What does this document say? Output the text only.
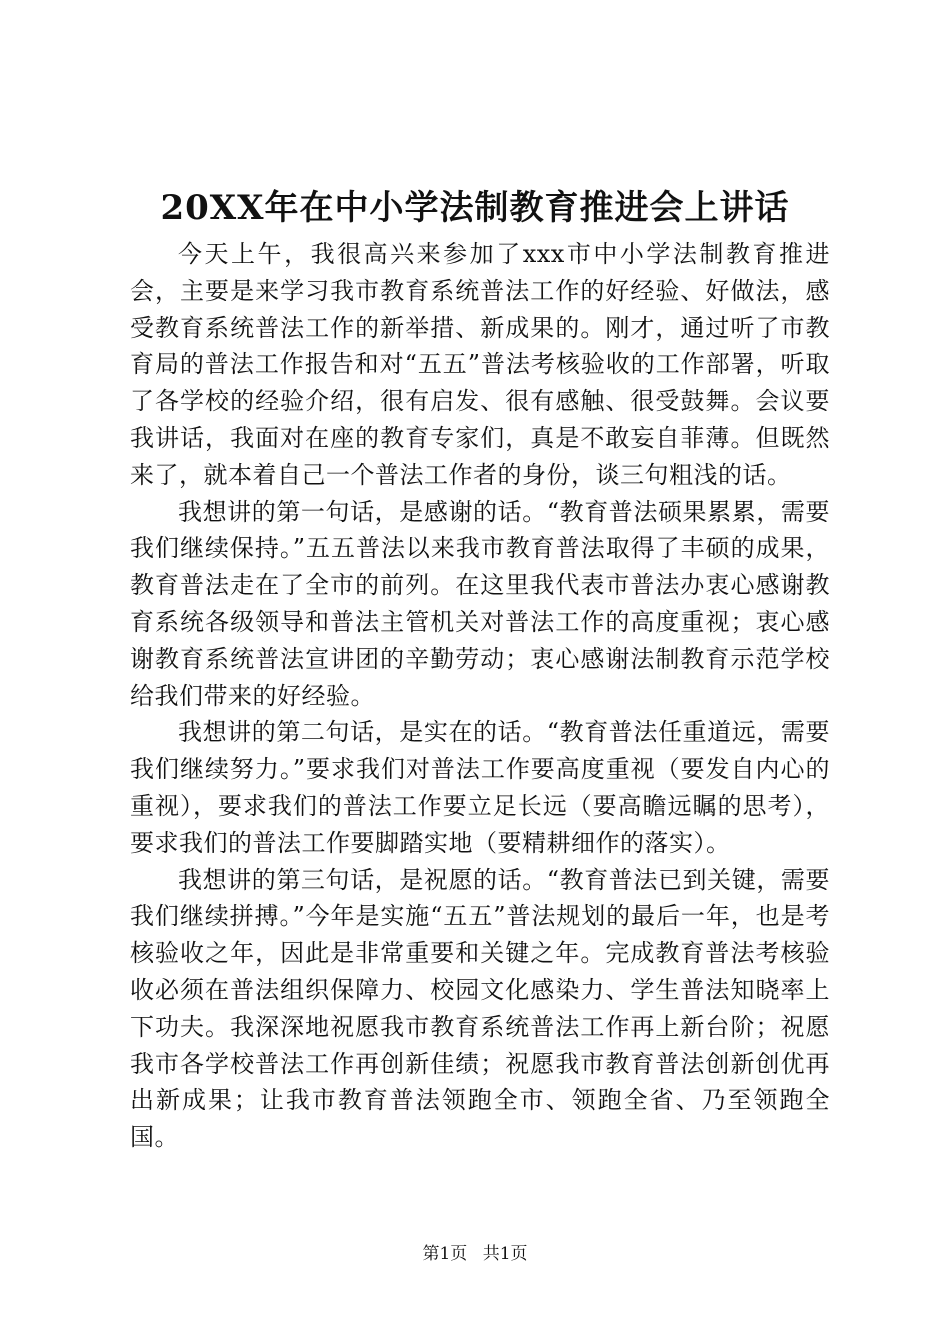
20XX年在中小学法制教育推进会上讲话

今天上午，我很高兴来参加了xxx市中小学法制教育推进会，主要是来学习我市教育系统普法工作的好经验、好做法，感受教育系统普法工作的新举措、新成果的。刚才，通过听了市教育局的普法工作报告和对“五五”普法考核验收的工作部署，听取了各学校的经验介绍，很有启发、很有感触、很受鼓舞。会议要我讲话，我面对在座的教育专家们，真是不敢妄自菲薄。但既然来了，就本着自己一个普法工作者的身份，谈三句粗浅的话。

我想讲的第一句话，是感谢的话。“教育普法硕果累累，需要我们继续保持。”五五普法以来我市教育普法取得了丰硕的成果，教育普法走在了全市的前列。在这里我代表市普法办衷心感谢教育系统各级领导和普法主管机关对普法工作的高度重视；衷心感谢教育系统普法宣讲团的辛勤劳动；衷心感谢法制教育示范学校给我们带来的好经验。

我想讲的第二句话，是实在的话。“教育普法任重道远，需要我们继续努力。”要求我们对普法工作要高度重视（要发自内心的重视），要求我们的普法工作要立足长远（要高瞻远瞩的思考），要求我们的普法工作要脚踏实地（要精耕细作的落实）。

我想讲的第三句话，是祝愿的话。“教育普法已到关键，需要我们继续拼搏。”今年是实施“五五”普法规划的最后一年，也是考核验收之年，因此是非常重要和关键之年。完成教育普法考核验收必须在普法组织保障力、校园文化感染力、学生普法知晓率上下功夫。我深深地祝愿我市教育系统普法工作再上新台阶；祝愿我市各学校普法工作再创新佳绩；祝愿我市教育普法创新创优再出新成果；让我市教育普法领跑全市、领跑全省、乃至领跑全国。

第1页 共1页
